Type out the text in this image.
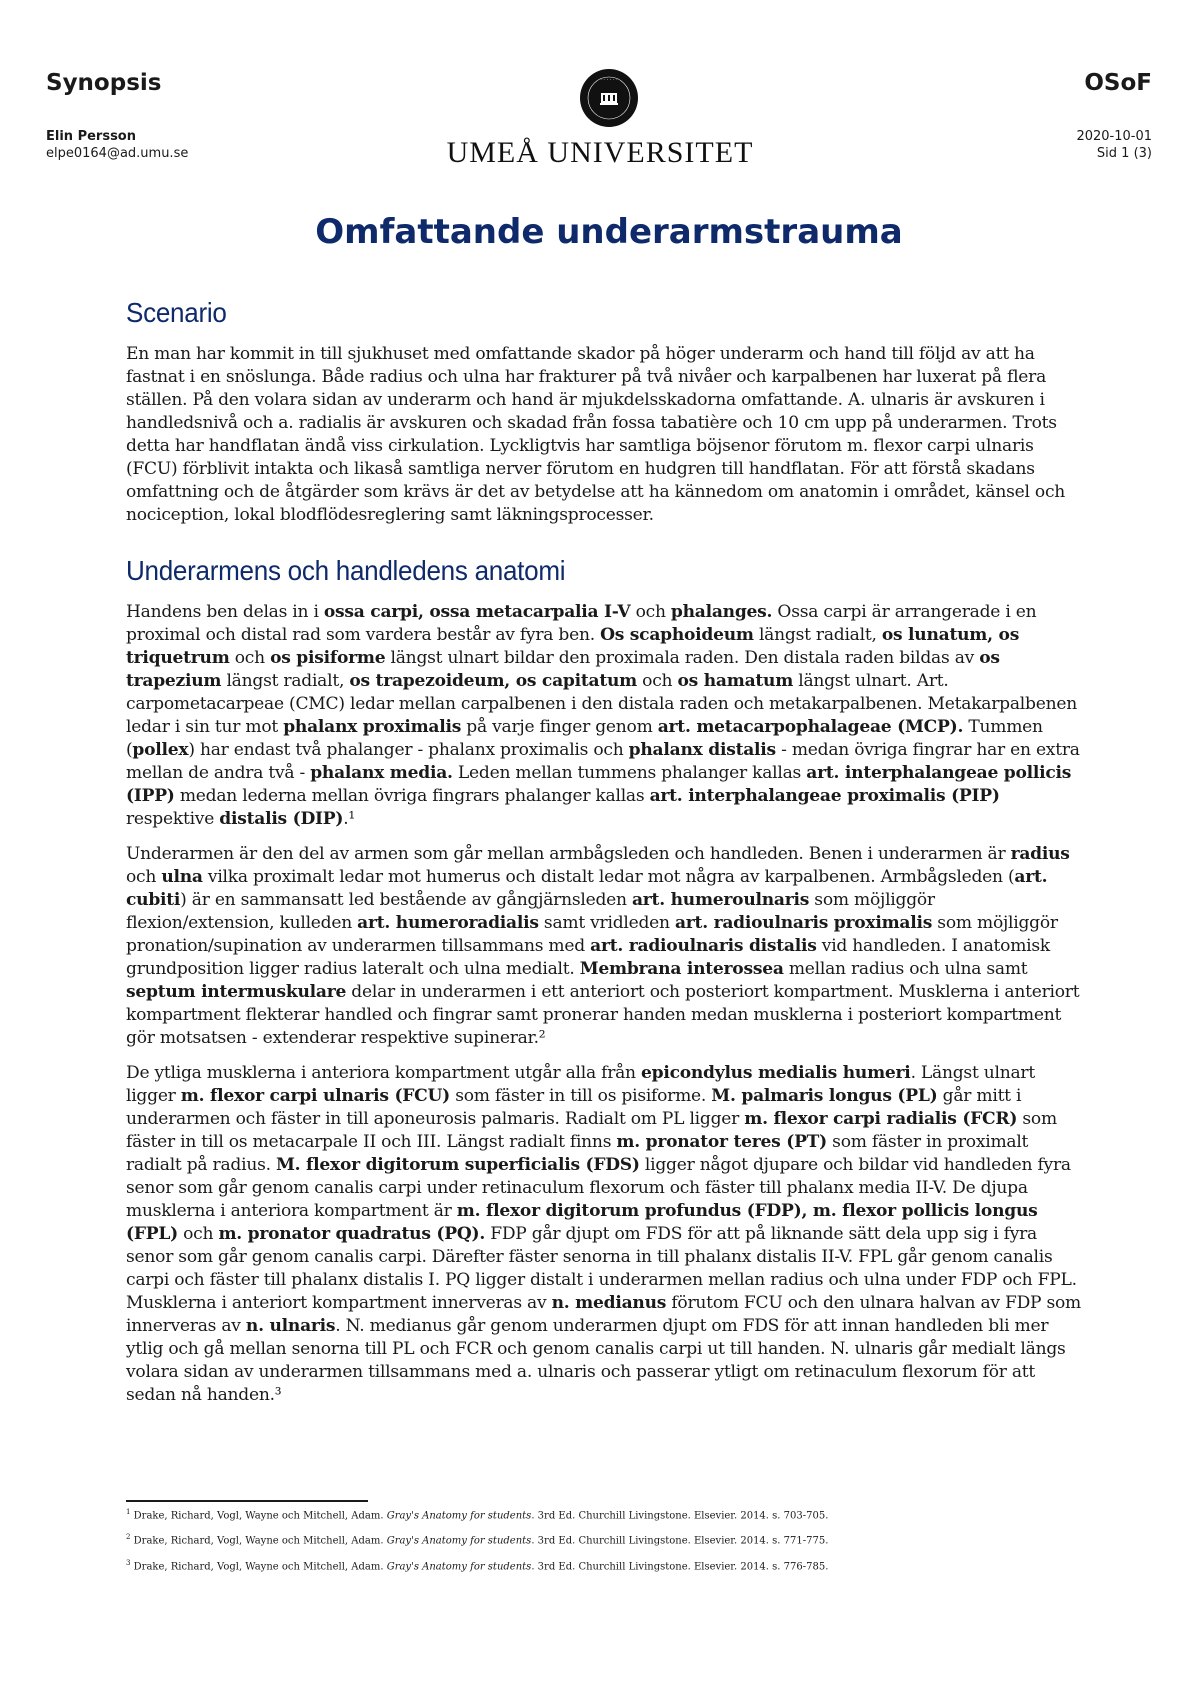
Synopsis	OSoF
Elin Persson
elpe0164@ad.umu.se
2020-10-01
Sid 1 (3)
· · · · · ·
UMEÅ UNIVERSITET
Omfattande underarmstrauma
Scenario

En man har kommit in till sjukhuset med omfattande skador på höger underarm och hand till följd av att ha fastnat i en snöslunga. Både radius och ulna har frakturer på två nivåer och karpalbenen har luxerat på flera ställen. På den volara sidan av underarm och hand är mjukdelsskadorna omfattande. A. ulnaris är avskuren i handledsnivå och a. radialis är avskuren och skadad från fossa tabatière och 10 cm upp på underarmen. Trots detta har handflatan ändå viss cirkulation. Lyckligtvis har samtliga böjsenor förutom m. flexor carpi ulnaris (FCU) förblivit intakta och likaså samtliga nerver förutom en hudgren till handflatan. För att förstå skadans omfattning och de åtgärder som krävs är det av betydelse att ha kännedom om anatomin i området, känsel och nociception, lokal blodflödesreglering samt läkningsprocesser.

Underarmens och handledens anatomi

Handens ben delas in i ossa carpi, ossa metacarpalia I-V och phalanges. Ossa carpi är arrangerade i en proximal och distal rad som vardera består av fyra ben. Os scaphoideum längst radialt, os lunatum, os triquetrum och os pisiforme längst ulnart bildar den proximala raden. Den distala raden bildas av os trapezium längst radialt, os trapezoideum, os capitatum och os hamatum längst ulnart. Art. carpometacarpeae (CMC) ledar mellan carpalbenen i den distala raden och metakarpalbenen. Metakarpalbenen ledar i sin tur mot phalanx proximalis på varje finger genom art. metacarpophalageae (MCP). Tummen (pollex) har endast två phalanger - phalanx proximalis och phalanx distalis - medan övriga fingrar har en extra mellan de andra två - phalanx media. Leden mellan tummens phalanger kallas art. interphalangeae pollicis (IPP) medan lederna mellan övriga fingrars phalanger kallas art. interphalangeae proximalis (PIP) respektive distalis (DIP).¹

Underarmen är den del av armen som går mellan armbågsleden och handleden. Benen i underarmen är radius och ulna vilka proximalt ledar mot humerus och distalt ledar mot några av karpalbenen. Armbågsleden (art. cubiti) är en sammansatt led bestående av gångjärnsleden art. humeroulnaris som möjliggör flexion/extension, kulleden art. humeroradialis samt vridleden art. radioulnaris proximalis som möjliggör pronation/supination av underarmen tillsammans med art. radioulnaris distalis vid handleden. I anatomisk grundposition ligger radius lateralt och ulna medialt. Membrana interossea mellan radius och ulna samt septum intermuskulare delar in underarmen i ett anteriort och posteriort kompartment. Musklerna i anteriort kompartment flekterar handled och fingrar samt pronerar handen medan musklerna i posteriort kompartment gör motsatsen - extenderar respektive supinerar.²

De ytliga musklerna i anteriora kompartment utgår alla från epicondylus medialis humeri. Längst ulnart ligger m. flexor carpi ulnaris (FCU) som fäster in till os pisiforme. M. palmaris longus (PL) går mitt i underarmen och fäster in till aponeurosis palmaris. Radialt om PL ligger m. flexor carpi radialis (FCR) som fäster in till os metacarpale II och III. Längst radialt finns m. pronator teres (PT) som fäster in proximalt radialt på radius. M. flexor digitorum superficialis (FDS) ligger något djupare och bildar vid handleden fyra senor som går genom canalis carpi under retinaculum flexorum och fäster till phalanx media II-V. De djupa musklerna i anteriora kompartment är m. flexor digitorum profundus (FDP), m. flexor pollicis longus (FPL) och m. pronator quadratus (PQ). FDP går djupt om FDS för att på liknande sätt dela upp sig i fyra senor som går genom canalis carpi. Därefter fäster senorna in till phalanx distalis II-V. FPL går genom canalis carpi och fäster till phalanx distalis I. PQ ligger distalt i underarmen mellan radius och ulna under FDP och FPL. Musklerna i anteriort kompartment innerveras av n. medianus förutom FCU och den ulnara halvan av FDP som innerveras av n. ulnaris. N. medianus går genom underarmen djupt om FDS för att innan handleden bli mer ytlig och gå mellan senorna till PL och FCR och genom canalis carpi ut till handen. N. ulnaris går medialt längs volara sidan av underarmen tillsammans med a. ulnaris och passerar ytligt om retinaculum flexorum för att sedan nå handen.³

$^1$ Drake, Richard, Vogl, Wayne och Mitchell, Adam. Gray's Anatomy for students. 3rd Ed. Churchill Livingstone. Elsevier. 2014. s. 703-705.
$^2$ Drake, Richard, Vogl, Wayne och Mitchell, Adam. Gray's Anatomy for students. 3rd Ed. Churchill Livingstone. Elsevier. 2014. s. 771-775.
$^3$ Drake, Richard, Vogl, Wayne och Mitchell, Adam. Gray's Anatomy for students. 3rd Ed. Churchill Livingstone. Elsevier. 2014. s. 776-785.
